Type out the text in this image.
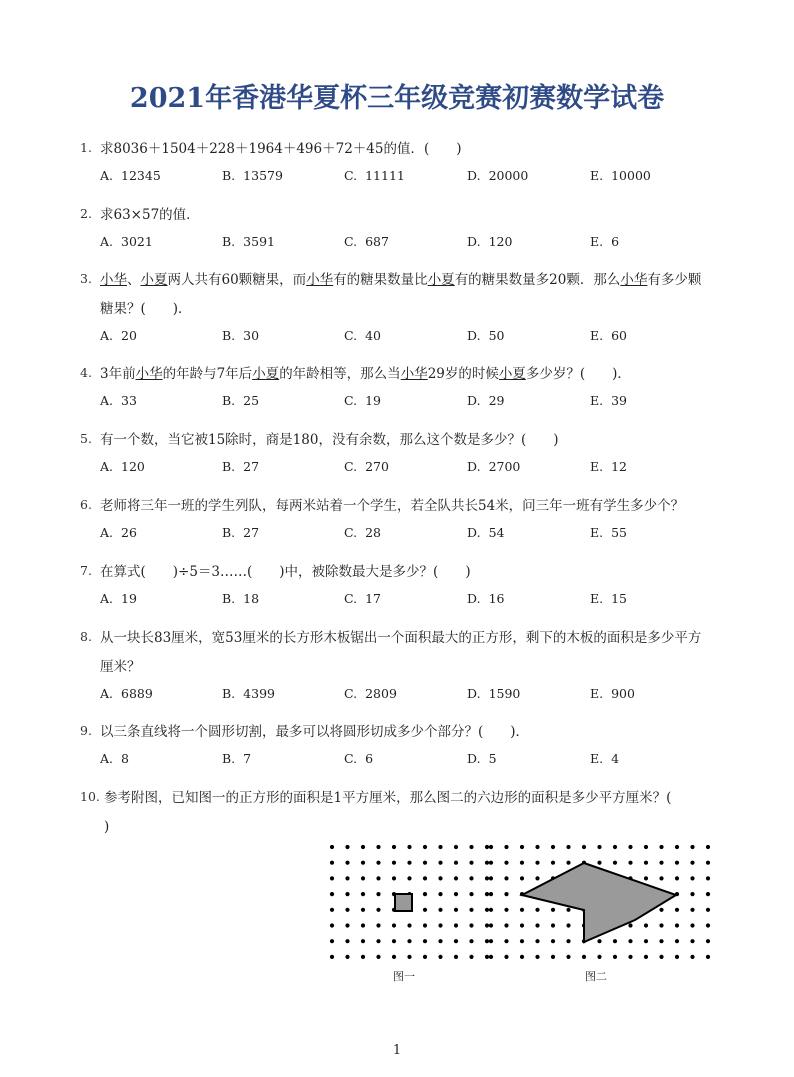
2021年香港华夏杯三年级竞赛初赛数学试卷
1. 求8036＋1504＋228＋1964＋496＋72＋45的值．(　　)
A. 12345	B. 13579	C. 11111	D. 20000	E. 10000
2. 求63×57的值．
A. 3021	B. 3591	C. 687	D. 120	E. 6
3. 小华、小夏两人共有60颗糖果，而小华有的糖果数量比小夏有的糖果数量多20颗．那么小华有多少颗
糖果？(　　)．
A. 20	B. 30	C. 40	D. 50	E. 60
4. 3年前小华的年龄与7年后小夏的年龄相等，那么当小华29岁的时候小夏多少岁？(　　)．
A. 33	B. 25	C. 19	D. 29	E. 39
5. 有一个数，当它被15除时，商是180，没有余数，那么这个数是多少？(　　)
A. 120	B. 27	C. 270	D. 2700	E. 12
6. 老师将三年一班的学生列队，每两米站着一个学生，若全队共长54米，问三年一班有学生多少个？
A. 26	B. 27	C. 28	D. 54	E. 55
7. 在算式(　　)÷5＝3……(　　)中，被除数最大是多少？(　　)
A. 19	B. 18	C. 17	D. 16	E. 15
8. 从一块长83厘米，宽53厘米的长方形木板锯出一个面积最大的正方形，剩下的木板的面积是多少平方
厘米？
A. 6889	B. 4399	C. 2809	D. 1590	E. 900
9. 以三条直线将一个圆形切割，最多可以将圆形切成多少个部分？(　　)．
A. 8	B. 7	C. 6	D. 5	E. 4
10. 参考附图，已知图一的正方形的面积是1平方厘米，那么图二的六边形的面积是多少平方厘米？(
)
图一	图二
1
